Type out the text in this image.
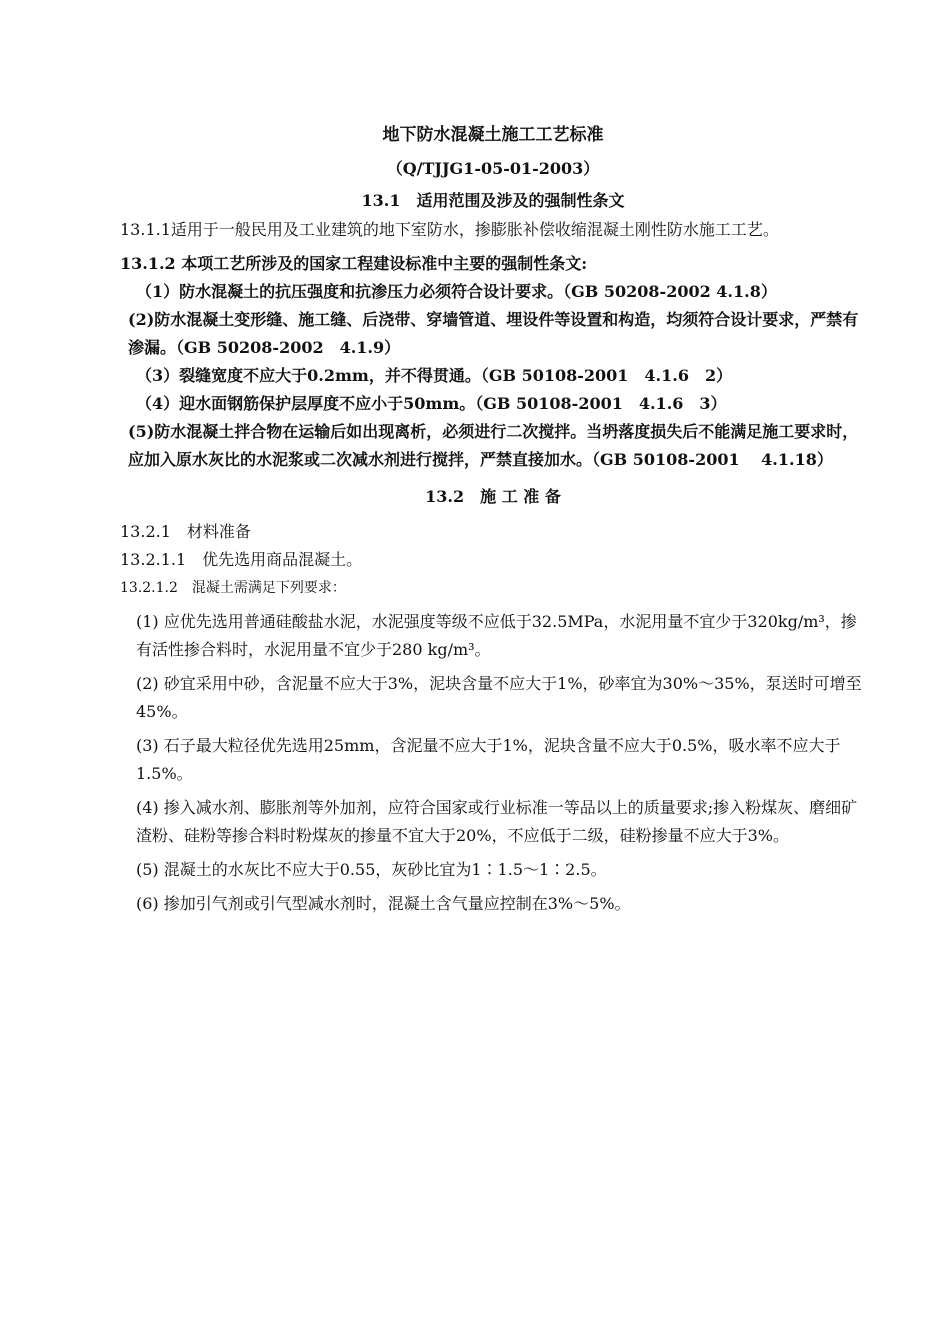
地下防水混凝土施工工艺标准
（Q/TJJG1-05-01-2003）
13.1　适用范围及涉及的强制性条文
13.1.1适用于一般民用及工业建筑的地下室防水，掺膨胀补偿收缩混凝土刚性防水施工工艺。
13.1.2 本项工艺所涉及的国家工程建设标准中主要的强制性条文:
（1）防水混凝土的抗压强度和抗渗压力必须符合设计要求。（GB 50208-2002 4.1.8）
(2)防水混凝土变形缝、施工缝、后浇带、穿墙管道、埋设件等设置和构造，均须符合设计要求，严禁有渗漏。（GB 50208-2002　4.1.9）
（3）裂缝宽度不应大于0.2mm，并不得贯通。（GB 50108-2001　4.1.6　2）
（4）迎水面钢筋保护层厚度不应小于50mm。（GB 50108-2001　4.1.6　3）
(5)防水混凝土拌合物在运输后如出现离析，必须进行二次搅拌。当坍落度损失后不能满足施工要求时，应加入原水灰比的水泥浆或二次减水剂进行搅拌，严禁直接加水。（GB 50108-2001　 4.1.18）
13.2　施 工 准 备
13.2.1　材料准备
13.2.1.1　优先选用商品混凝土。
13.2.1.2　混凝土需满足下列要求：
(1) 应优先选用普通硅酸盐水泥，水泥强度等级不应低于32.5MPa，水泥用量不宜少于320kg/m³，掺有活性掺合料时，水泥用量不宜少于280 kg/m³。
(2) 砂宜采用中砂，含泥量不应大于3%，泥块含量不应大于1%，砂率宜为30%～35%，泵送时可增至45%。
(3) 石子最大粒径优先选用25mm，含泥量不应大于1%，泥块含量不应大于0.5%，吸水率不应大于1.5%。
(4) 掺入减水剂、膨胀剂等外加剂，应符合国家或行业标准一等品以上的质量要求;掺入粉煤灰、磨细矿渣粉、硅粉等掺合料时粉煤灰的掺量不宜大于20%，不应低于二级，硅粉掺量不应大于3%。
(5) 混凝土的水灰比不应大于0.55，灰砂比宜为1∶1.5～1∶2.5。
(6) 掺加引气剂或引气型减水剂时，混凝土含气量应控制在3%～5%。
